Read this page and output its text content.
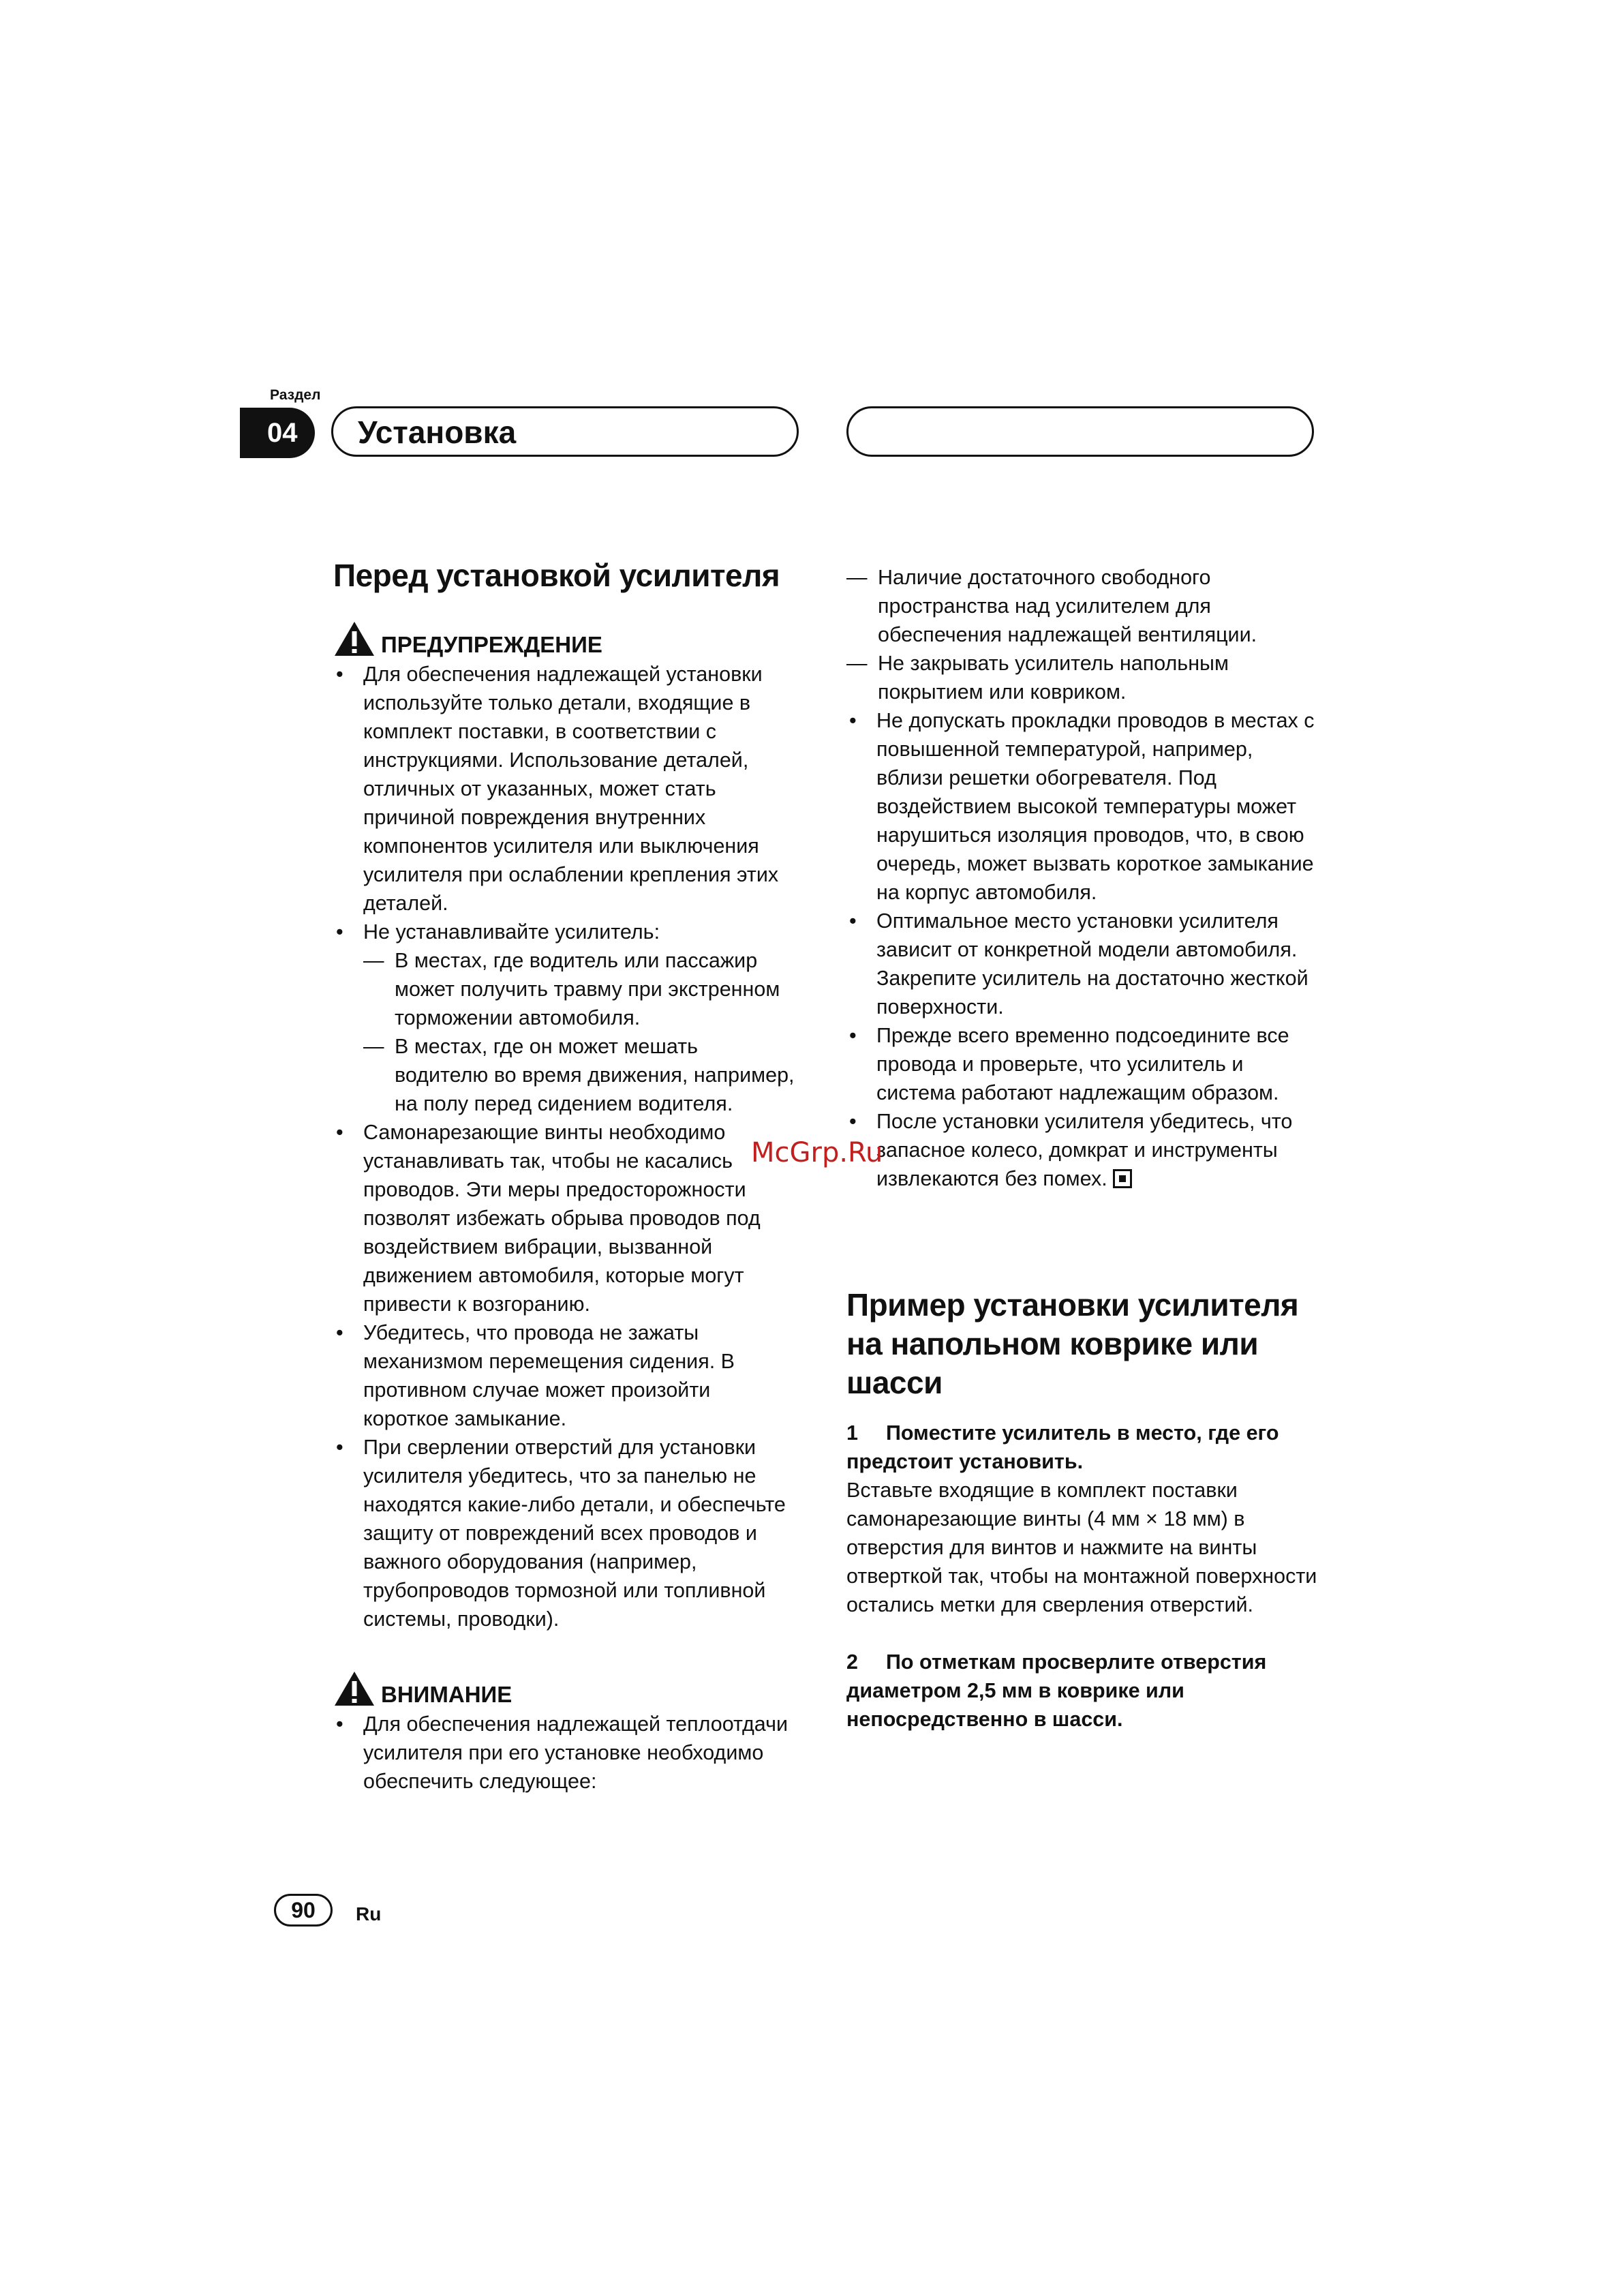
Раздел
04	Установка
Перед установкой усилителя
ПРЕДУПРЕЖДЕНИЕ
• Для обеспечения надлежащей установки используйте только детали, входящие в комплект поставки, в соответствии с инструкциями. Использование деталей, отличных от указанных, может стать причиной повреждения внутренних компонентов усилителя или выключения усилителя при ослаблении крепления этих деталей.
• Не устанавливайте усилитель:
— В местах, где водитель или пассажир может получить травму при экстренном торможении автомобиля.
— В местах, где он может мешать водителю во время движения, например, на полу перед сидением водителя.
• Самонарезающие винты необходимо устанавливать так, чтобы не касались проводов. Эти меры предосторожности позволят избежать обрыва проводов под воздействием вибрации, вызванной движением автомобиля, которые могут привести к возгоранию.
• Убедитесь, что провода не зажаты механизмом перемещения сидения. В противном случае может произойти короткое замыкание.
• При сверлении отверстий для установки усилителя убедитесь, что за панелью не находятся какие-либо детали, и обеспечьте защиту от повреждений всех проводов и важного оборудования (например, трубопроводов тормозной или топливной системы, проводки).
ВНИМАНИЕ
• Для обеспечения надлежащей теплоотдачи усилителя при его установке необходимо обеспечить следующее:
— Наличие достаточного свободного пространства над усилителем для обеспечения надлежащей вентиляции.
— Не закрывать усилитель напольным покрытием или ковриком.
• Не допускать прокладки проводов в местах с повышенной температурой, например, вблизи решетки обогревателя. Под воздействием высокой температуры может нарушиться изоляция проводов, что, в свою очередь, может вызвать короткое замыкание на корпус автомобиля.
• Оптимальное место установки усилителя зависит от конкретной модели автомобиля. Закрепите усилитель на достаточно жесткой поверхности.
• Прежде всего временно подсоедините все провода и проверьте, что усилитель и система работают надлежащим образом.
• После установки усилителя убедитесь, что запасное колесо, домкрат и инструменты извлекаются без помех.
Пример установки усилителя на напольном коврике или шасси

1 Поместите усилитель в место, где его предстоит установить.

Вставьте входящие в комплект поставки самонарезающие винты (4 мм × 18 мм) в отверстия для винтов и нажмите на винты отверткой так, чтобы на монтажной поверхности остались метки для сверления отверстий.

2 По отметкам просверлите отверстия диаметром 2,5 мм в коврике или непосредственно в шасси.

McGrp.Ru
90	Ru
